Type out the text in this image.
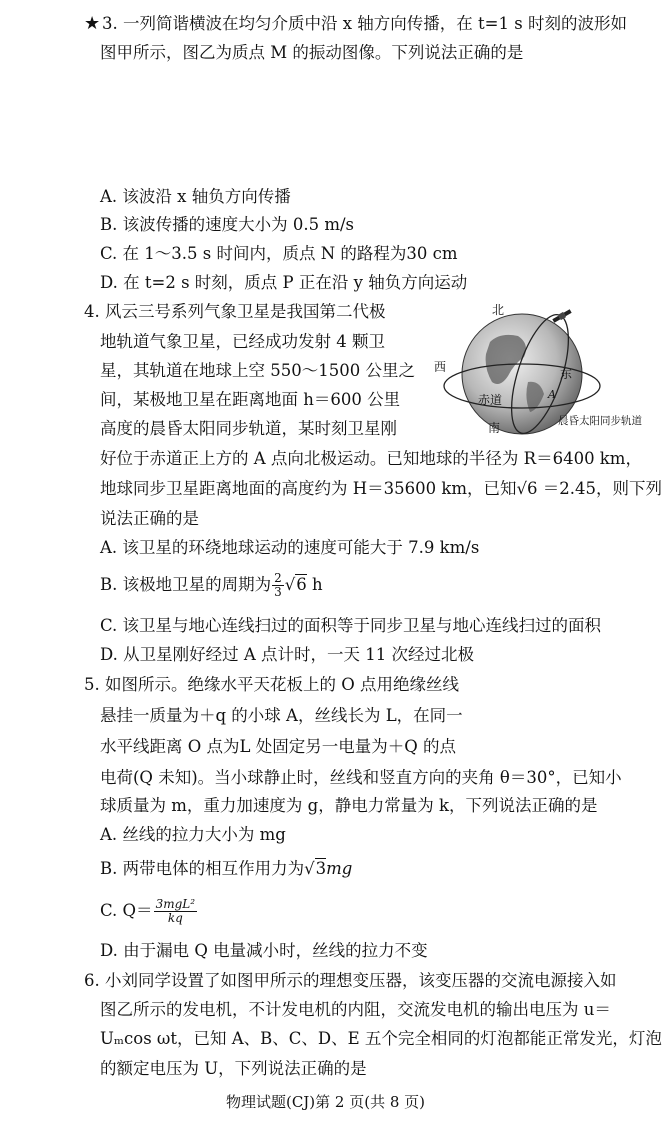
★ 3. 一列简谐横波在均匀介质中沿 x 轴方向传播，在 t=1 s 时刻的波形如
图甲所示，图乙为质点 M 的振动图像。下列说法正确的是
A. 该波沿 x 轴负方向传播
B. 该波传播的速度大小为 0.5 m/s
C. 在 1～3.5 s 时间内，质点 N 的路程为30 cm
D. 在 t=2 s 时刻，质点 P 正在沿 y 轴负方向运动
4. 风云三号系列气象卫星是我国第二代极
地轨道气象卫星，已经成功发射 4 颗卫
星，其轨道在地球上空 550～1500 公里之
间，某极地卫星在距离地面 h＝600 公里
高度的晨昏太阳同步轨道，某时刻卫星刚
好位于赤道正上方的 A 点向北极运动。已知地球的半径为 R＝6400 km，
地球同步卫星距离地面的高度约为 H＝35600 km，已知√6 ＝2.45，则下列
说法正确的是
A. 该卫星的环绕地球运动的速度可能大于 7.9 km/s
B. 该极地卫星的周期为 $\frac{2}{3} √6$ h
C. 该卫星与地心连线扫过的面积等于同步卫星与地心连线扫过的面积
D. 从卫星刚好经过 A 点计时，一天 11 次经过北极
北
西	东
赤道	A
晨昏太阳同步轨道
南
5. 如图所示。绝缘水平天花板上的 O 点用绝缘丝线
悬挂一质量为＋q 的小球 A，丝线长为 L，在同一
水平线距离 O 点为L 处固定另一电量为＋Q 的点
电荷(Q 未知)。当小球静止时，丝线和竖直方向的夹角 θ＝30°，已知小
球质量为 m，重力加速度为 g，静电力常量为 k，下列说法正确的是
A. 丝线的拉力大小为 mg
B. 两带电体的相互作用力为√3mg
C. $Q= \frac{\text{3mgL²}}{kq}$
D. 由于漏电 Q 电量减小时，丝线的拉力不变
6. 小刘同学设置了如图甲所示的理想变压器，该变压器的交流电源接入如
图乙所示的发电机，不计发电机的内阻，交流发电机的输出电压为 u＝
Uₘcos ωt，已知 A、B、C、D、E 五个完全相同的灯泡都能正常发光，灯泡
的额定电压为 U，下列说法正确的是
物理试题(CJ)第 2 页(共 8 页)
